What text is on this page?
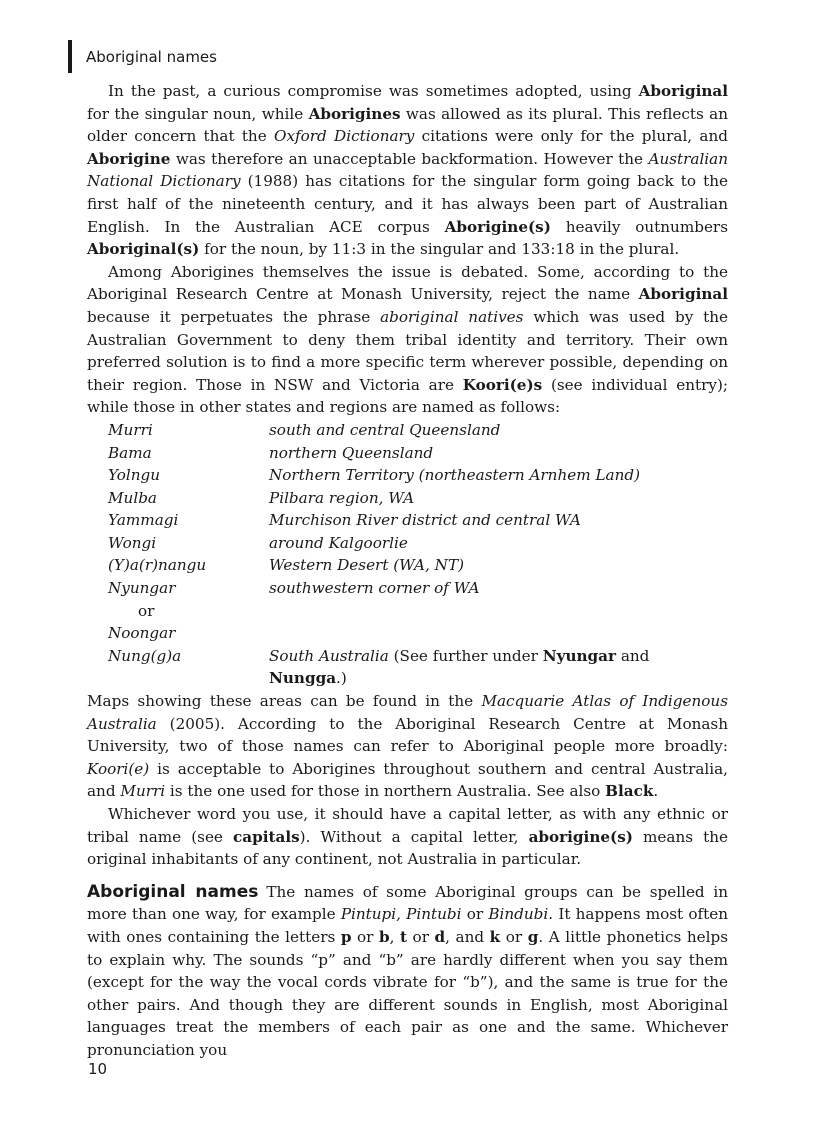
Aboriginal names

In the past, a curious compromise was sometimes adopted, using Aboriginal for the singular noun, while Aborigines was allowed as its plural. This reflects an older concern that the Oxford Dictionary citations were only for the plural, and Aborigine was therefore an unacceptable backformation. However the Australian National Dictionary (1988) has citations for the singular form going back to the first half of the nineteenth century, and it has always been part of Australian English. In the Australian ACE corpus Aborigine(s) heavily outnumbers Aboriginal(s) for the noun, by 11:3 in the singular and 133:18 in the plural.

Among Aborigines themselves the issue is debated. Some, according to the Aboriginal Research Centre at Monash University, reject the name Aboriginal because it perpetuates the phrase aboriginal natives which was used by the Australian Government to deny them tribal identity and territory. Their own preferred solution is to find a more specific term wherever possible, depending on their region. Those in NSW and Victoria are Koori(e)s (see individual entry); while those in other states and regions are named as follows:

Murri	south and central Queensland
Bama	northern Queensland
Yolngu	Northern Territory (northeastern Arnhem Land)
Mulba	Pilbara region, WA
Yammagi	Murchison River district and central WA
Wongi	around Kalgoorlie
(Y)a(r)nangu	Western Desert (WA, NT)
Nyungar	southwestern corner of WA
or	
Noongar	
Nung(g)a	South Australia (See further under Nyungar and Nungga.)

Maps showing these areas can be found in the Macquarie Atlas of Indigenous Australia (2005). According to the Aboriginal Research Centre at Monash University, two of those names can refer to Aboriginal people more broadly: Koori(e) is acceptable to Aborigines throughout southern and central Australia, and Murri is the one used for those in northern Australia. See also Black.

Whichever word you use, it should have a capital letter, as with any ethnic or tribal name (see capitals). Without a capital letter, aborigine(s) means the original inhabitants of any continent, not Australia in particular.

Aboriginal names The names of some Aboriginal groups can be spelled in more than one way, for example Pintupi, Pintubi or Bindubi. It happens most often with ones containing the letters p or b, t or d, and k or g. A little phonetics helps to explain why. The sounds “p” and “b” are hardly different when you say them (except for the way the vocal cords vibrate for “b”), and the same is true for the other pairs. And though they are different sounds in English, most Aboriginal languages treat the members of each pair as one and the same. Whichever pronunciation you

10
